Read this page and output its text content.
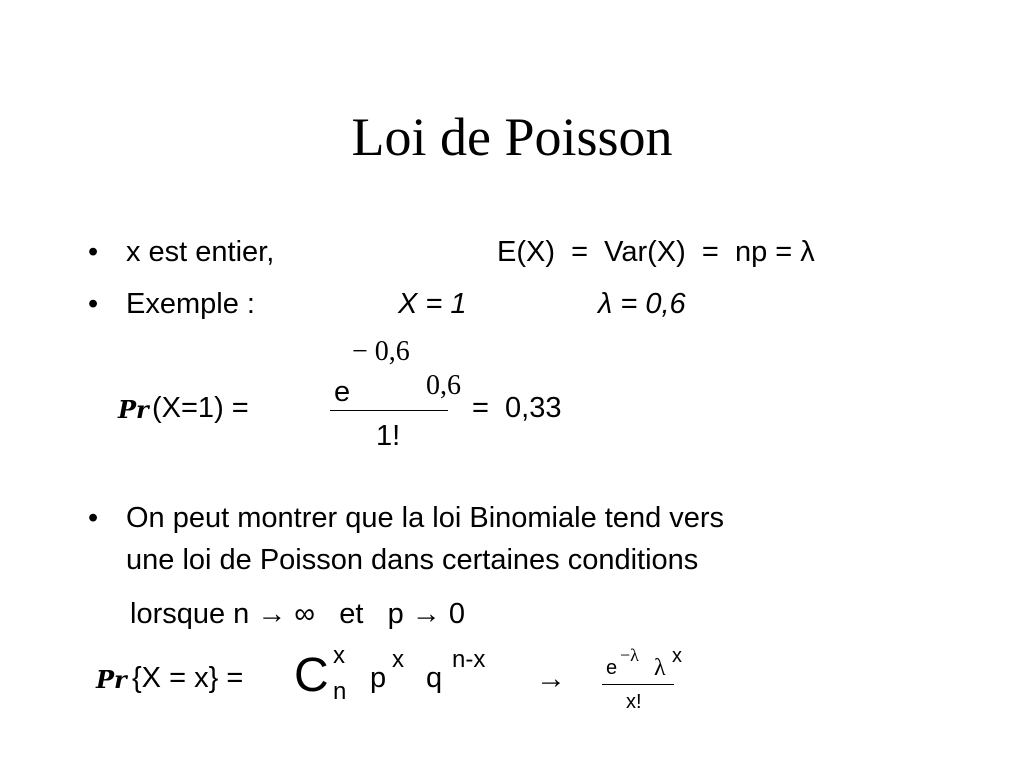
Loi de Poisson
• x est entier,	E(X)  =  Var(X)  =  np = λ
• Exemple :	X = 1	λ = 0,6
Pr (X=1) =
− 0,6
e	0,6
1!
=  0,33
• On peut montrer que la loi Binomiale tend vers
une loi de Poisson dans certaines conditions
lorsque n → ∞   et   p → 0
Pr {X = x} = C x
n p
x
q
n-x
→ e
−λ λ x
x!
